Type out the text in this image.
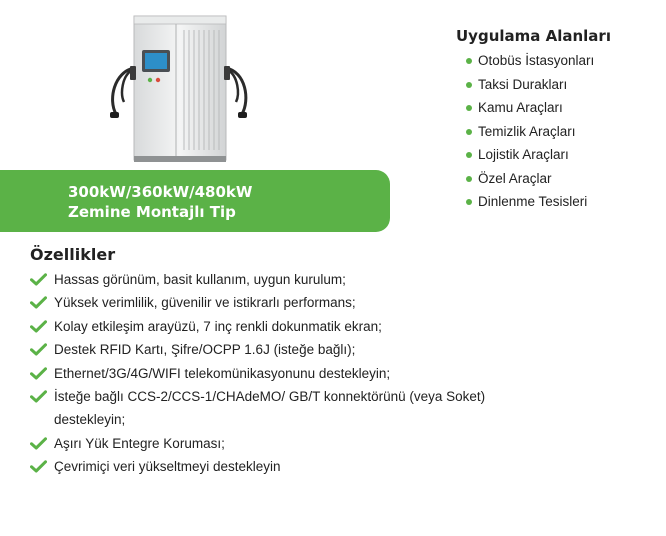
300kW/360kW/480kW
Zemine Montajlı Tip
Uygulama Alanları
Otobüs İstasyonları
Taksi Durakları
Kamu Araçları
Temizlik Araçları
Lojistik Araçları
Özel Araçlar
Dinlenme Tesisleri
Özellikler
Hassas görünüm, basit kullanım, uygun kurulum;
Yüksek verimlilik, güvenilir ve istikrarlı performans;
Kolay etkileşim arayüzü, 7 inç renkli dokunmatik ekran;
Destek RFID Kartı, Şifre/OCPP 1.6J (isteğe bağlı);
Ethernet/3G/4G/WIFI telekomünikasyonunu destekleyin;
İsteğe bağlı CCS-2/CCS-1/CHAdeMO/ GB/T konnektörünü (veya Soket) destekleyin;
Aşırı Yük Entegre Koruması;
Çevrimiçi veri yükseltmeyi destekleyin
